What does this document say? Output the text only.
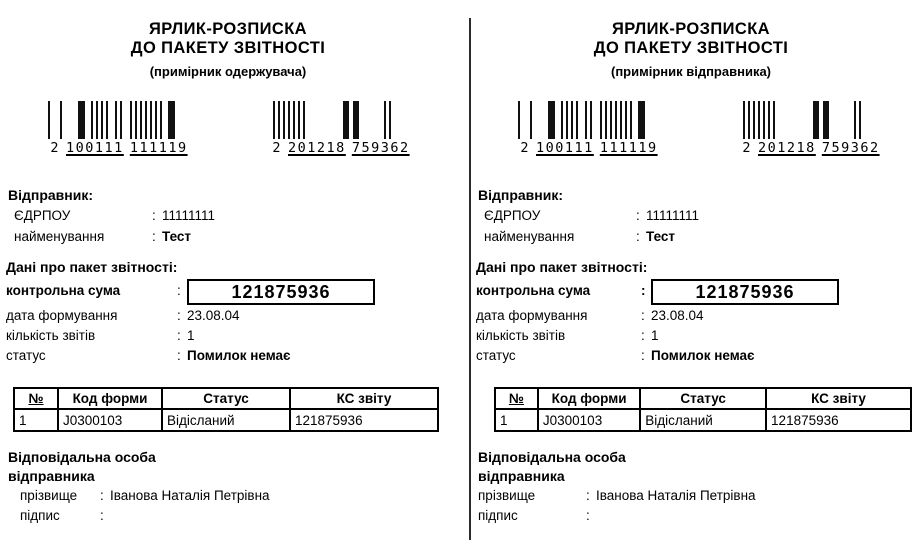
ЯРЛИК-РОЗПИСКА
ДО ПАКЕТУ ЗВІТНОСТІ
(примірник одержувача)
2 100111 111119	2 201218 759362
Відправник:
ЄДРПОУ	: 11111111
найменування	: Тест
Дані про пакет звітності:
контрольна сума	:	121875936
дата формування	: 23.08.04
кількість звітів	: 1
статус	: Помилок немає
№	Код форми	Статус	КС звіту
1	J0300103	Відісланий	121875936
Відповідальна особа
відправника
прізвище : Іванова Наталія Петрівна
підпис	:
ЯРЛИК-РОЗПИСКА
ДО ПАКЕТУ ЗВІТНОСТІ
(примірник відправника)
2 100111 111119	2 201218 759362
Відправник:
ЄДРПОУ	: 11111111
найменування	: Тест
Дані про пакет звітності:
контрольна сума	:	121875936
дата формування	: 23.08.04
кількість звітів	: 1
статус	: Помилок немає
№	Код форми	Статус	КС звіту
1	J0300103	Відісланий	121875936
Відповідальна особа
відправника
прізвище	: Іванова Наталія Петрівна
підпис	:
